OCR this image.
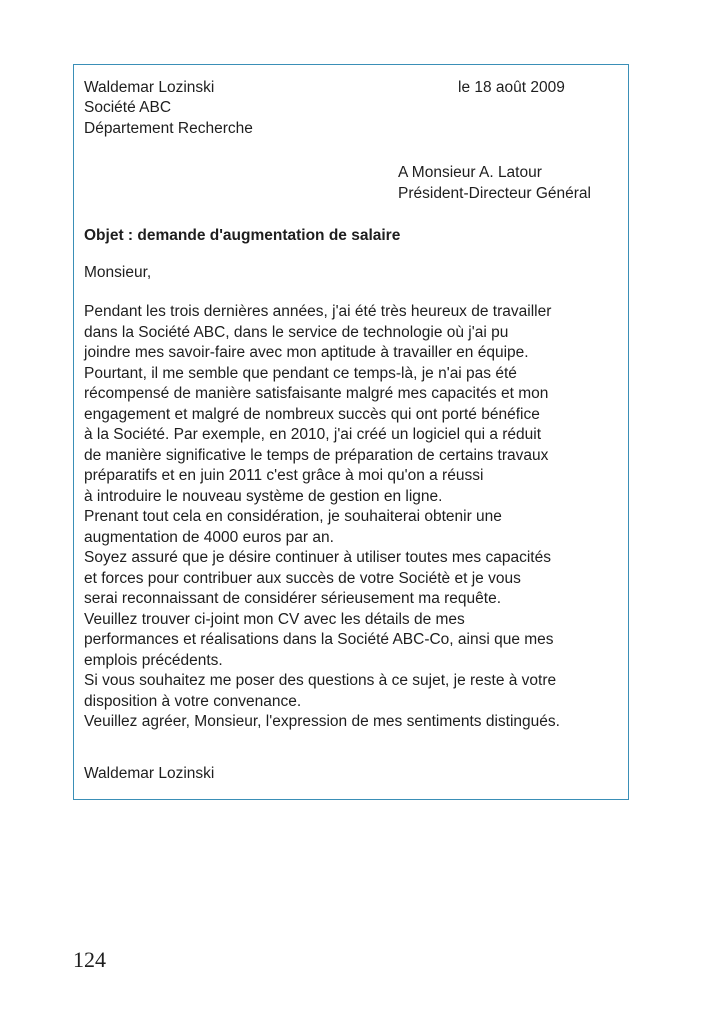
Waldemar Lozinski	le 18 août 2009
Société ABC
Département Recherche
A Monsieur A. Latour
Président-Directeur Général
Objet : demande d'augmentation de salaire
Monsieur,
Pendant les trois dernières années, j'ai été très heureux de travailler
dans la Société ABC, dans le service de technologie où j'ai pu
joindre mes savoir-faire avec mon aptitude à travailler en équipe.
Pourtant, il me semble que pendant ce temps-là, je n'ai pas été
récompensé de manière satisfaisante malgré mes capacités et mon
engagement et malgré de nombreux succès qui ont porté bénéfice
à la Société. Par exemple, en 2010, j'ai créé un logiciel qui a réduit
de manière significative le temps de préparation de certains travaux
préparatifs et en juin 2011 c'est grâce à moi qu'on a réussi
à introduire le nouveau système de gestion en ligne.
Prenant tout cela en considération, je souhaiterai obtenir une
augmentation de 4000 euros par an.
Soyez assuré que je désire continuer à utiliser toutes mes capacités
et forces pour contribuer aux succès de votre Sociétè et je vous
serai reconnaissant de considérer sérieusement ma requête.
Veuillez trouver ci-joint mon CV avec les détails de mes
performances et réalisations dans la Société ABC-Co, ainsi que mes
emplois précédents.
Si vous souhaitez me poser des questions à ce sujet, je reste à votre
disposition à votre convenance.
Veuillez agréer, Monsieur, l'expression de mes sentiments distingués.
Waldemar Lozinski
124
